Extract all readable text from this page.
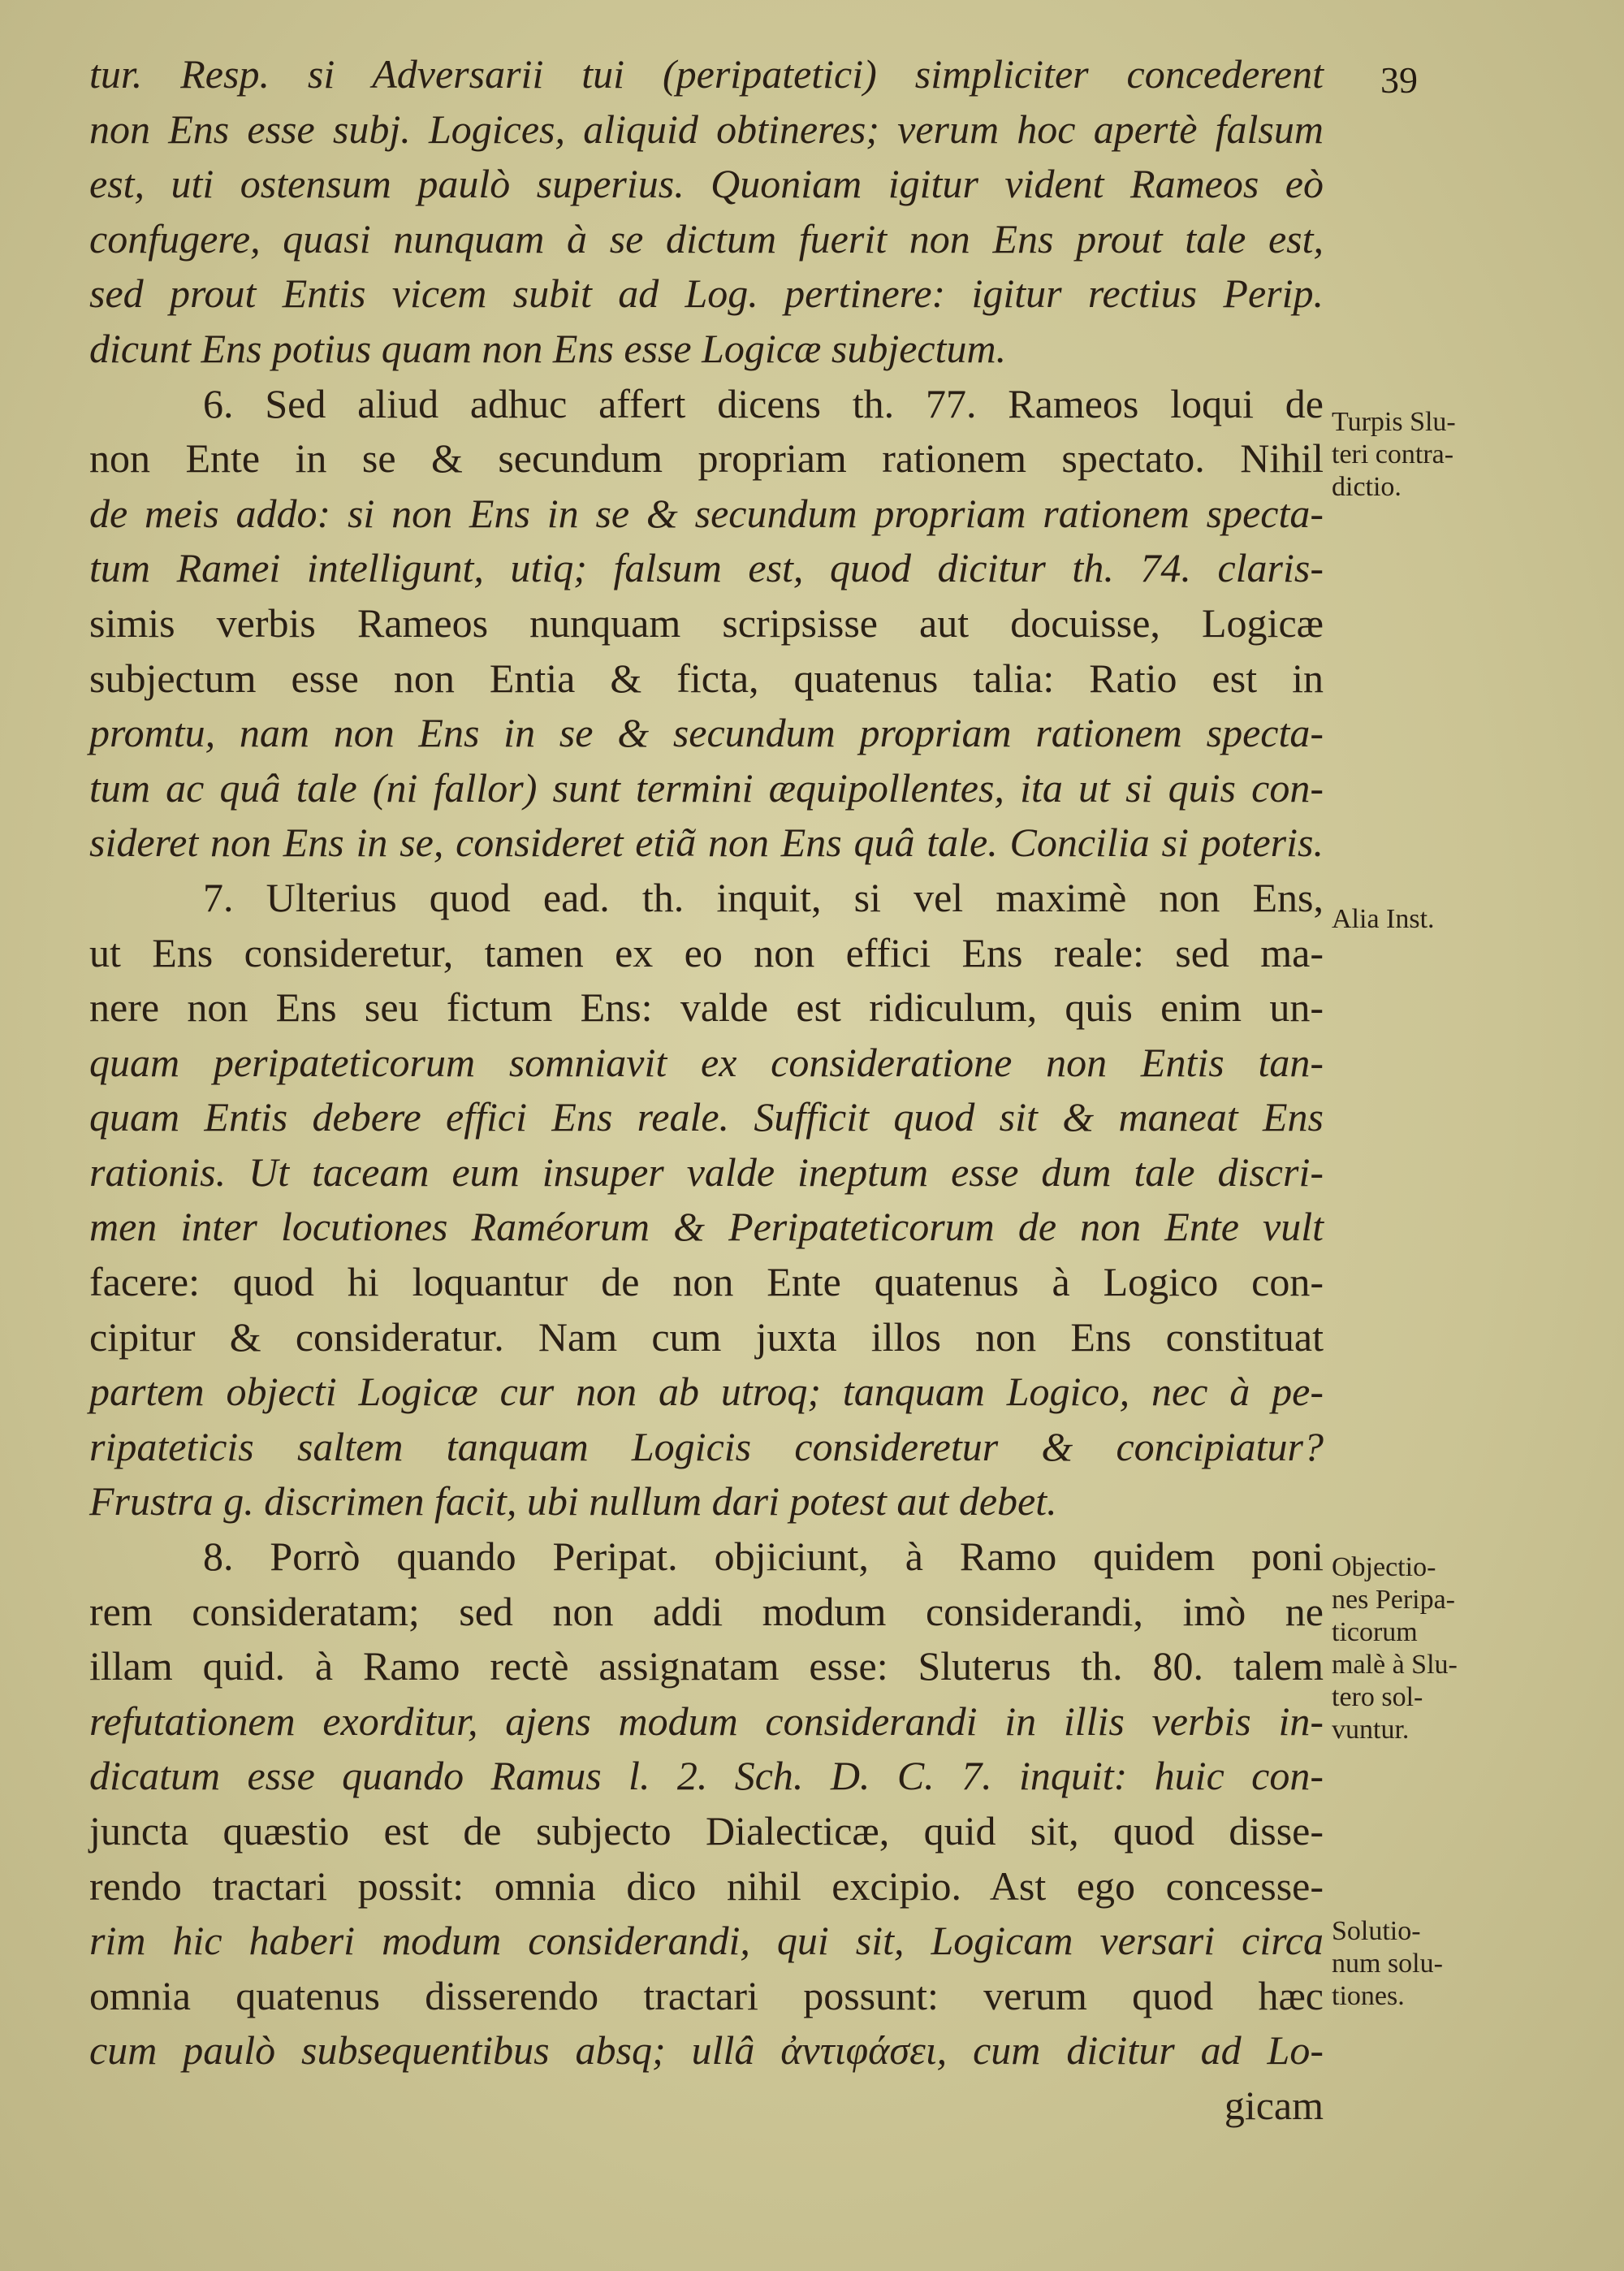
39
tur. Resp. si Adversarii tui (peripatetici) simpliciter concederent
non Ens esse subj. Logices, aliquid obtineres; verum hoc apertè falsum
est, uti ostensum paulò superius. Quoniam igitur vident Rameos eò
confugere, quasi nunquam à se dictum fuerit non Ens prout tale est,
sed prout Entis vicem subit ad Log. pertinere: igitur rectius Perip.
dicunt Ens potius quam non Ens esse Logicæ subjectum.
6. Sed aliud adhuc affert dicens th. 77. Rameos loqui de
non Ente in se & secundum propriam rationem spectato. Nihil
de meis addo: si non Ens in se & secundum propriam rationem specta-
tum Ramei intelligunt, utiq; falsum est, quod dicitur th. 74. claris-
simis verbis Rameos nunquam scripsisse aut docuisse, Logicæ
subjectum esse non Entia & ficta, quatenus talia: Ratio est in
promtu, nam non Ens in se & secundum propriam rationem specta-
tum ac quâ tale (ni fallor) sunt termini æquipollentes, ita ut si quis con-
sideret non Ens in se, consideret etiã non Ens quâ tale. Concilia si poteris.
7. Ulterius quod ead. th. inquit, si vel maximè non Ens,
ut Ens consideretur, tamen ex eo non effici Ens reale: sed ma-
nere non Ens seu fictum Ens: valde est ridiculum, quis enim un-
quam peripateticorum somniavit ex consideratione non Entis tan-
quam Entis debere effici Ens reale. Sufficit quod sit & maneat Ens
rationis. Ut taceam eum insuper valde ineptum esse dum tale discri-
men inter locutiones Raméorum & Peripateticorum de non Ente vult
facere: quod hi loquantur de non Ente quatenus à Logico con-
cipitur & consideratur. Nam cum juxta illos non Ens constituat
partem objecti Logicæ cur non ab utroq; tanquam Logico, nec à pe-
ripateticis saltem tanquam Logicis consideretur & concipiatur?
Frustra g. discrimen facit, ubi nullum dari potest aut debet.
8. Porrò quando Peripat. objiciunt, à Ramo quidem poni
rem consideratam; sed non addi modum considerandi, imò ne
illam quid. à Ramo rectè assignatam esse: Sluterus th. 80. talem
refutationem exorditur, ajens modum considerandi in illis verbis in-
dicatum esse quando Ramus l. 2. Sch. D. C. 7. inquit: huic con-
juncta quæstio est de subjecto Dialecticæ, quid sit, quod disse-
rendo tractari possit: omnia dico nihil excipio. Ast ego concesse-
rim hic haberi modum considerandi, qui sit, Logicam versari circa
omnia quatenus disserendo tractari possunt: verum quod hæc
cum paulò subsequentibus absq; ullâ ἀντιφάσει, cum dicitur ad Lo-
gicam
Turpis Slu-
teri contra-
dictio.
Alia Inst.
Objectio-
nes Peripa-
ticorum
malè à Slu-
tero sol-
vuntur.
Solutio-
num solu-
tiones.
